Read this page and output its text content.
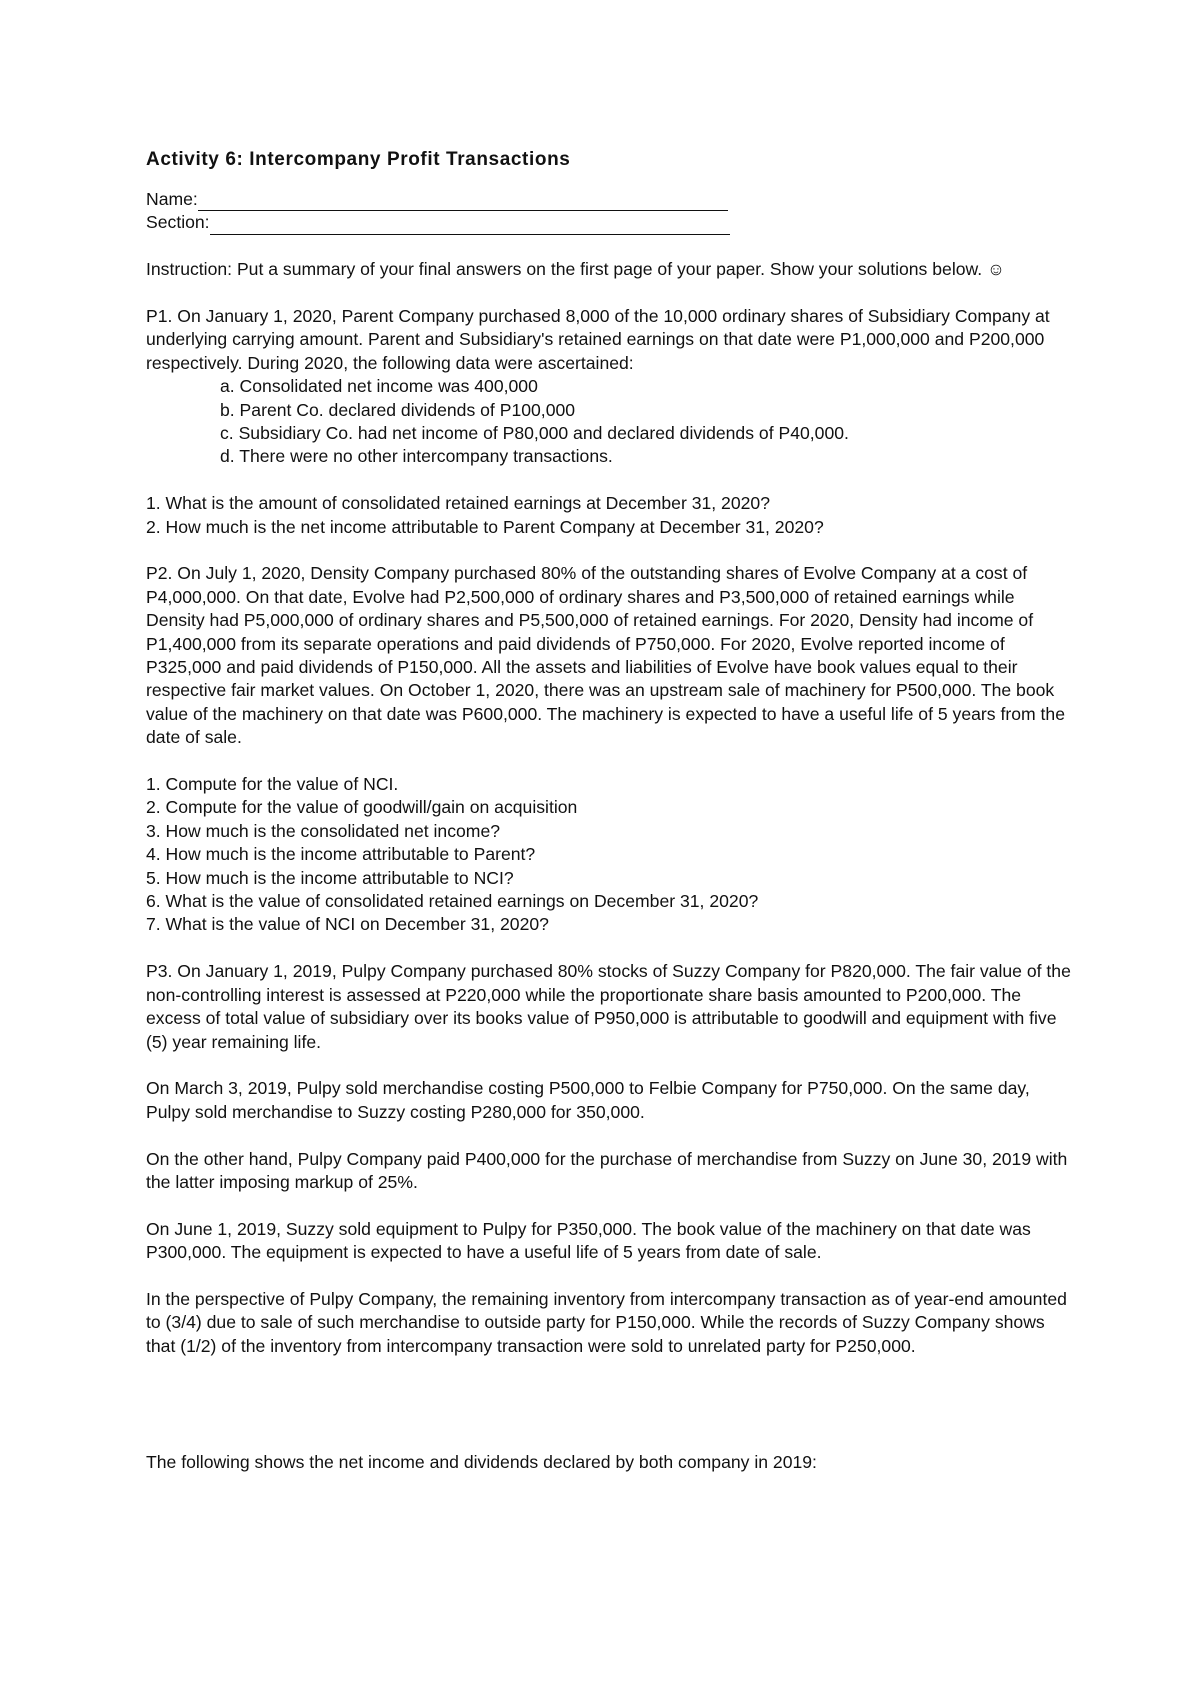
Activity 6: Intercompany Profit Transactions
Name:
Section:

Instruction: Put a summary of your final answers on the first page of your paper. Show your solutions below. ☺

P1. On January 1, 2020, Parent Company purchased 8,000 of the 10,000 ordinary shares of Subsidiary Company at underlying carrying amount. Parent and Subsidiary's retained earnings on that date were P1,000,000 and P200,000 respectively. During 2020, the following data were ascertained:

a. Consolidated net income was 400,000

b. Parent Co. declared dividends of P100,000

c. Subsidiary Co. had net income of P80,000 and declared dividends of P40,000.

d. There were no other intercompany transactions.

1. What is the amount of consolidated retained earnings at December 31, 2020?

2. How much is the net income attributable to Parent Company at December 31, 2020?

P2. On July 1, 2020, Density Company purchased 80% of the outstanding shares of Evolve Company at a cost of P4,000,000. On that date, Evolve had P2,500,000 of ordinary shares and P3,500,000 of retained earnings while Density had P5,000,000 of ordinary shares and P5,500,000 of retained earnings. For 2020, Density had income of P1,400,000 from its separate operations and paid dividends of P750,000. For 2020, Evolve reported income of P325,000 and paid dividends of P150,000. All the assets and liabilities of Evolve have book values equal to their respective fair market values. On October 1, 2020, there was an upstream sale of machinery for P500,000. The book value of the machinery on that date was P600,000. The machinery is expected to have a useful life of 5 years from the date of sale.

1. Compute for the value of NCI.

2. Compute for the value of goodwill/gain on acquisition

3. How much is the consolidated net income?

4. How much is the income attributable to Parent?

5. How much is the income attributable to NCI?

6. What is the value of consolidated retained earnings on December 31, 2020?

7. What is the value of NCI on December 31, 2020?

P3. On January 1, 2019, Pulpy Company purchased 80% stocks of Suzzy Company for P820,000. The fair value of the non-controlling interest is assessed at P220,000 while the proportionate share basis amounted to P200,000. The excess of total value of subsidiary over its books value of P950,000 is attributable to goodwill and equipment with five (5) year remaining life.

On March 3, 2019, Pulpy sold merchandise costing P500,000 to Felbie Company for P750,000. On the same day, Pulpy sold merchandise to Suzzy costing P280,000 for 350,000.

On the other hand, Pulpy Company paid P400,000 for the purchase of merchandise from Suzzy on June 30, 2019 with the latter imposing markup of 25%.

On June 1, 2019, Suzzy sold equipment to Pulpy for P350,000. The book value of the machinery on that date was P300,000. The equipment is expected to have a useful life of 5 years from date of sale.

In the perspective of Pulpy Company, the remaining inventory from intercompany transaction as of year-end amounted to (3/4) due to sale of such merchandise to outside party for P150,000. While the records of Suzzy Company shows that (1/2) of the inventory from intercompany transaction were sold to unrelated party for P250,000.

The following shows the net income and dividends declared by both company in 2019:
